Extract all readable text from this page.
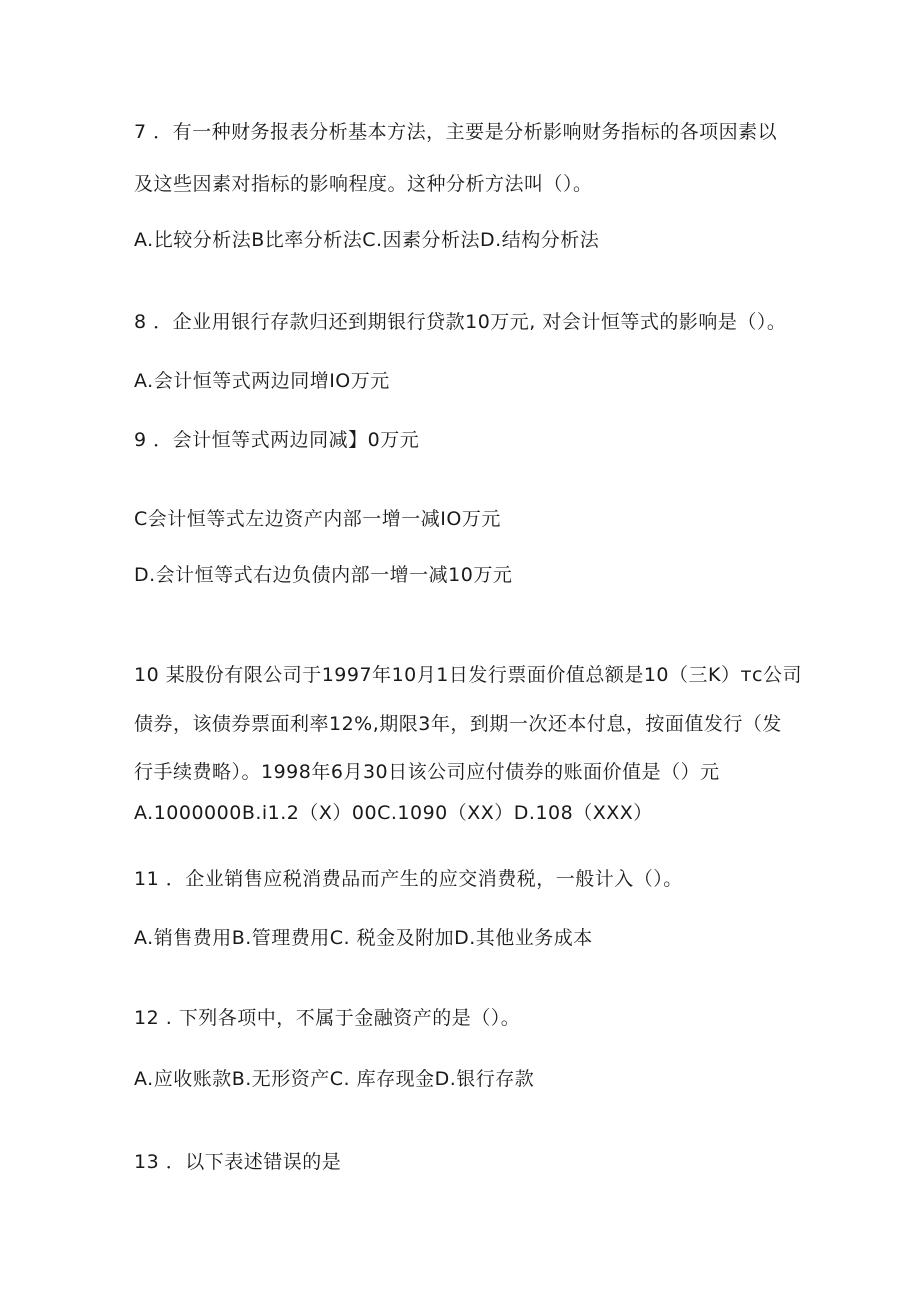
7 ．有一种财务报表分析基本方法，主要是分析影响财务指标的各项因素以
及这些因素对指标的影响程度。这种分析方法叫（）。
A.比较分析法B比率分析法C.因素分析法D.结构分析法
8 ．企业用银行存款归还到期银行贷款10万元, 对会计恒等式的影响是（）。
A.会计恒等式两边同增IO万元
9 ．会计恒等式两边同减】0万元
C会计恒等式左边资产内部一增一减IO万元
D.会计恒等式右边负债内部一增一减10万元
10 某股份有限公司于1997年10月1日发行票面价值总额是10（三K）тc公司
债券，该债券票面利率12%,期限3年，到期一次还本付息，按面值发行（发
行手续费略）。1998年6月30日该公司应付债券的账面价值是（）元
A.1000000B.i1.2（X）00C.1090（XX）D.108（XXX）
11 ．企业销售应税消费品而产生的应交消费税，一般计入（）。
A.销售费用B.管理费用C. 税金及附加D.其他业务成本
12 . 下列各项中，不属于金融资产的是（）。
A.应收账款B.无形资产C. 库存现金D.银行存款
13 ．以下表述错误的是
